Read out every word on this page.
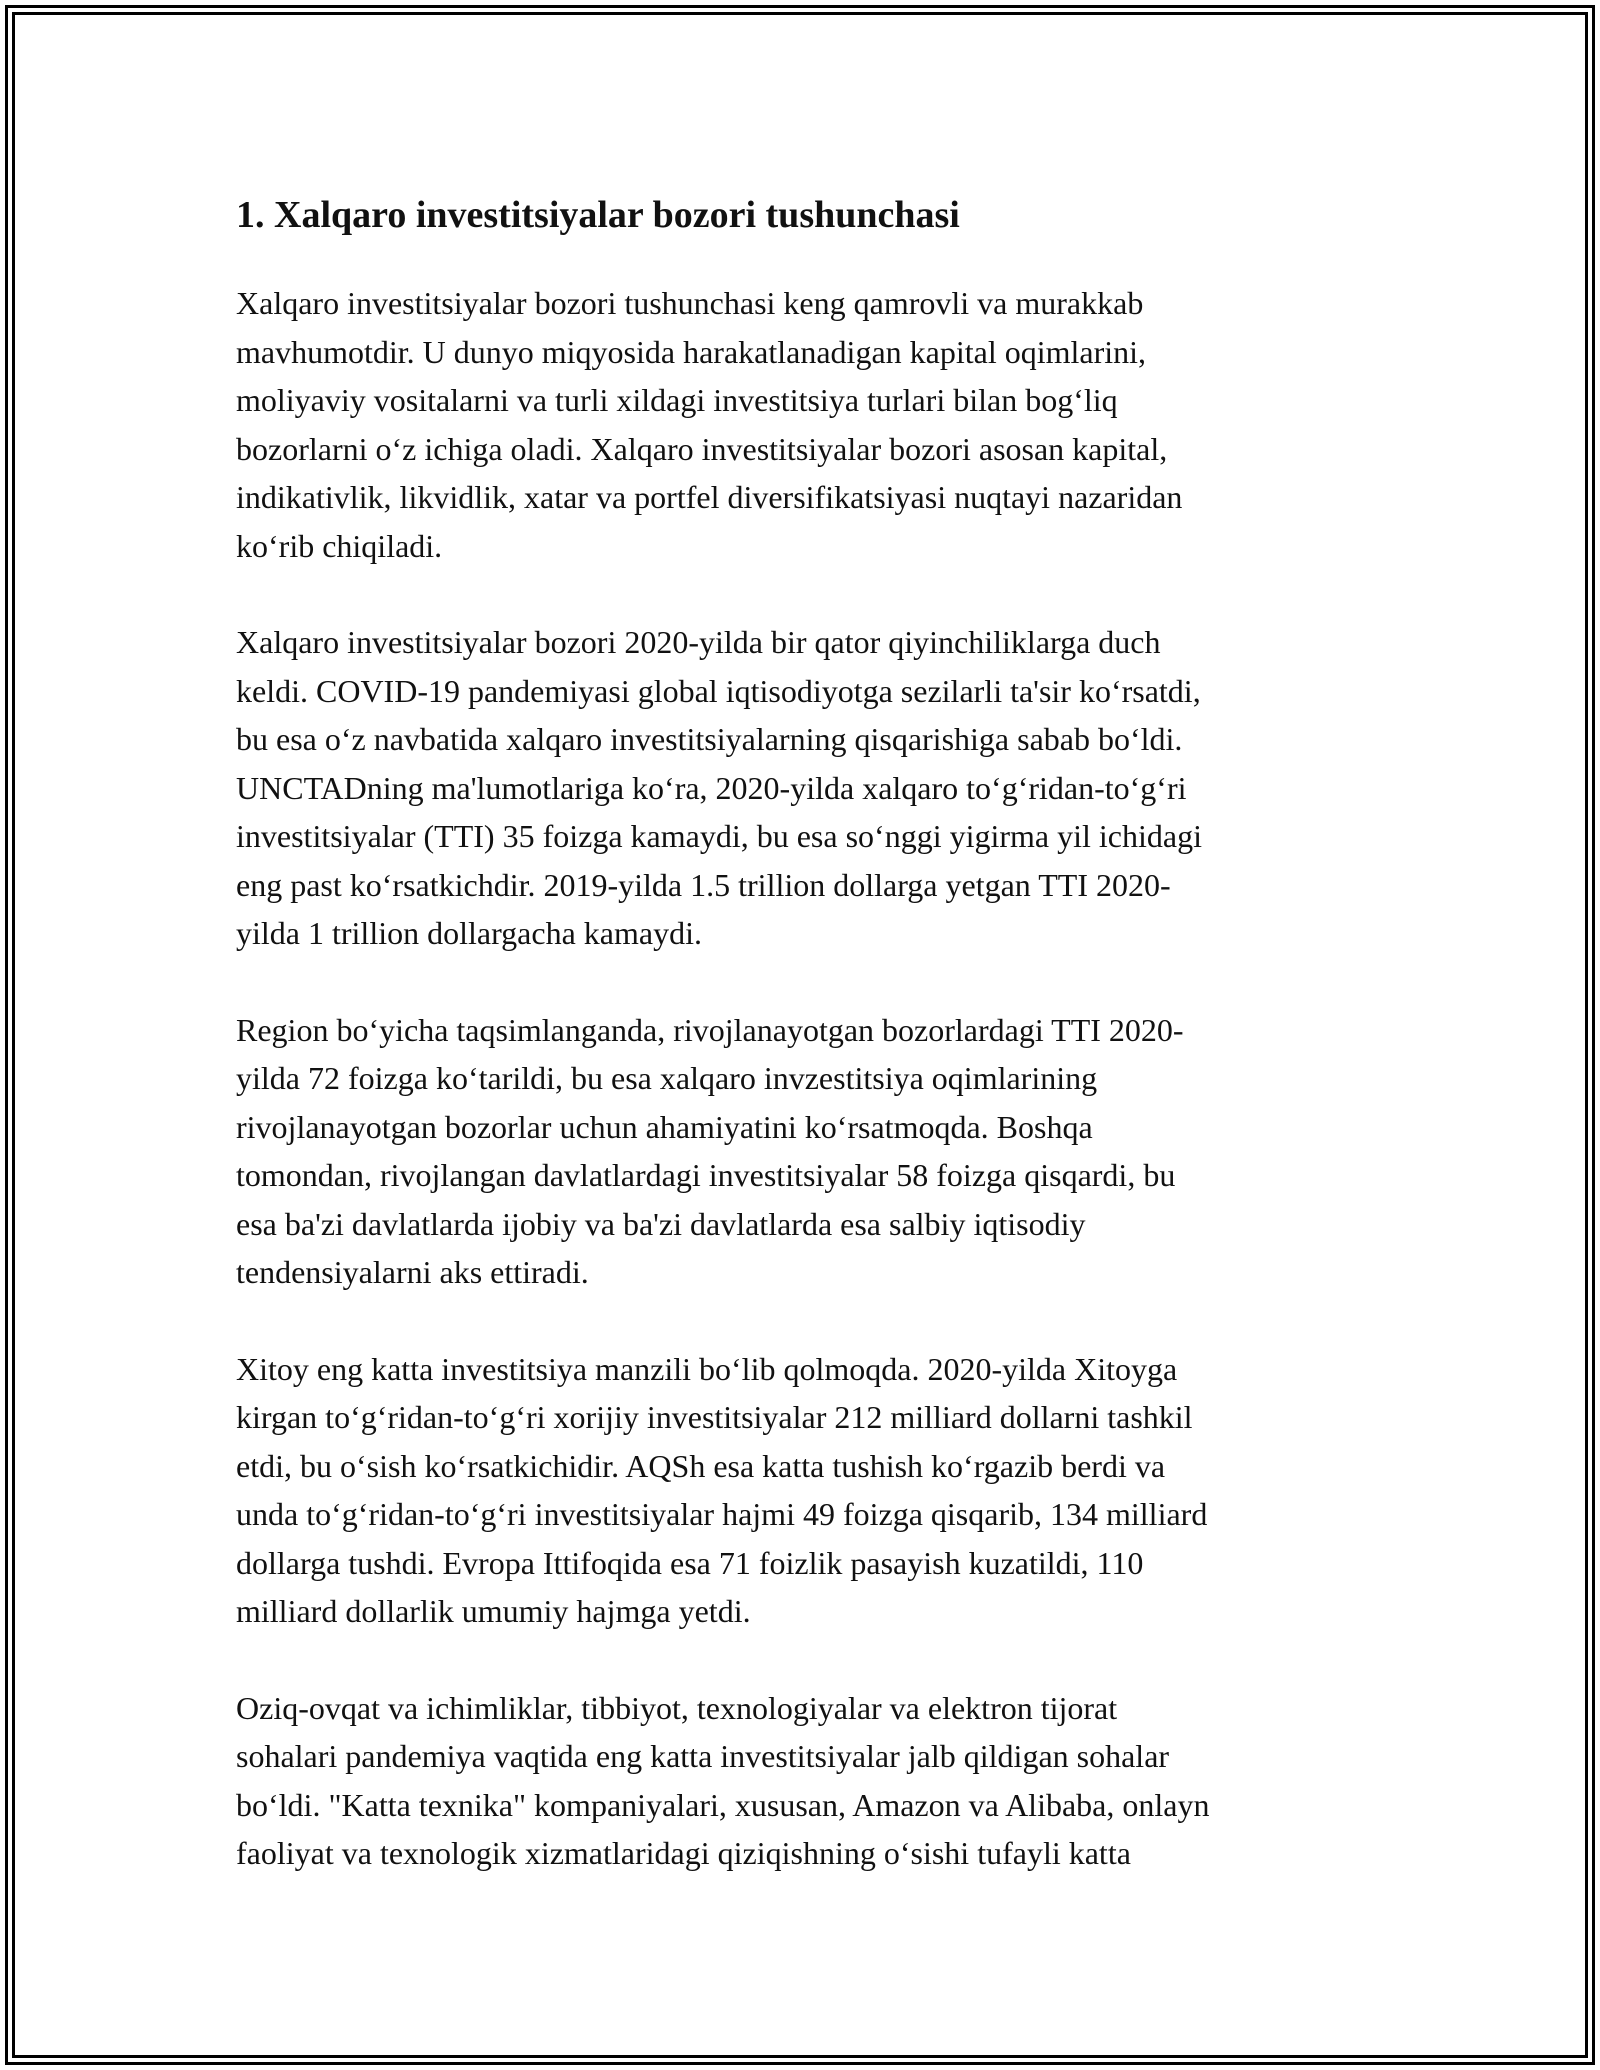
1. Xalqaro investitsiyalar bozori tushunchasi

Xalqaro investitsiyalar bozori tushunchasi keng qamrovli va murakkab
mavhumotdir. U dunyo miqyosida harakatlanadigan kapital oqimlarini,
moliyaviy vositalarni va turli xildagi investitsiya turlari bilan bog‘liq
bozorlarni o‘z ichiga oladi. Xalqaro investitsiyalar bozori asosan kapital,
indikativlik, likvidlik, xatar va portfel diversifikatsiyasi nuqtayi nazaridan
ko‘rib chiqiladi.

Xalqaro investitsiyalar bozori 2020-yilda bir qator qiyinchiliklarga duch
keldi. COVID-19 pandemiyasi global iqtisodiyotga sezilarli ta'sir ko‘rsatdi,
bu esa o‘z navbatida xalqaro investitsiyalarning qisqarishiga sabab bo‘ldi.
UNCTADning ma'lumotlariga ko‘ra, 2020-yilda xalqaro to‘g‘ridan-to‘g‘ri
investitsiyalar (TTI) 35 foizga kamaydi, bu esa so‘nggi yigirma yil ichidagi
eng past ko‘rsatkichdir. 2019-yilda 1.5 trillion dollarga yetgan TTI 2020-
yilda 1 trillion dollargacha kamaydi.

Region bo‘yicha taqsimlanganda, rivojlanayotgan bozorlardagi TTI 2020-
yilda 72 foizga ko‘tarildi, bu esa xalqaro invzestitsiya oqimlarining
rivojlanayotgan bozorlar uchun ahamiyatini ko‘rsatmoqda. Boshqa
tomondan, rivojlangan davlatlardagi investitsiyalar 58 foizga qisqardi, bu
esa ba'zi davlatlarda ijobiy va ba'zi davlatlarda esa salbiy iqtisodiy
tendensiyalarni aks ettiradi.

Xitoy eng katta investitsiya manzili bo‘lib qolmoqda. 2020-yilda Xitoyga
kirgan to‘g‘ridan-to‘g‘ri xorijiy investitsiyalar 212 milliard dollarni tashkil
etdi, bu o‘sish ko‘rsatkichidir. AQSh esa katta tushish ko‘rgazib berdi va
unda to‘g‘ridan-to‘g‘ri investitsiyalar hajmi 49 foizga qisqarib, 134 milliard
dollarga tushdi. Evropa Ittifoqida esa 71 foizlik pasayish kuzatildi, 110
milliard dollarlik umumiy hajmga yetdi.

Oziq-ovqat va ichimliklar, tibbiyot, texnologiyalar va elektron tijorat
sohalari pandemiya vaqtida eng katta investitsiyalar jalb qildigan sohalar
bo‘ldi. "Katta texnika" kompaniyalari, xususan, Amazon va Alibaba, onlayn
faoliyat va texnologik xizmatlaridagi qiziqishning o‘sishi tufayli katta
